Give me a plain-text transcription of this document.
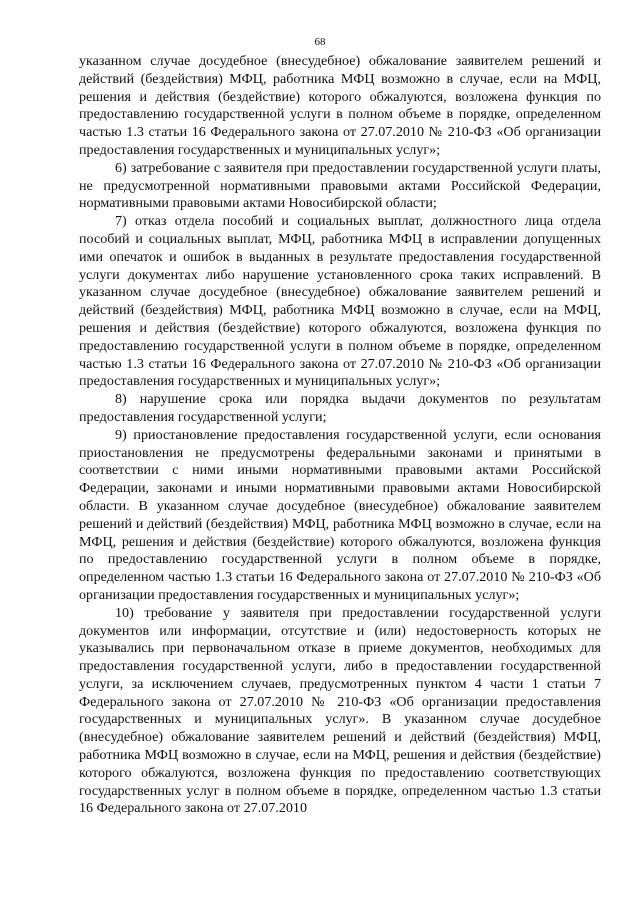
68

указанном случае досудебное (внесудебное) обжалование заявителем решений и действий (бездействия) МФЦ, работника МФЦ возможно в случае, если на МФЦ, решения и действия (бездействие) которого обжалуются, возложена функция по предоставлению государственной услуги в полном объеме в порядке, определенном частью 1.3 статьи 16 Федерального закона от 27.07.2010 № 210-ФЗ «Об организации предоставления государственных и муниципальных услуг»;

6) затребование с заявителя при предоставлении государственной услуги платы, не предусмотренной нормативными правовыми актами Российской Федерации, нормативными правовыми актами Новосибирской области;

7) отказ отдела пособий и социальных выплат, должностного лица отдела пособий и социальных выплат, МФЦ, работника МФЦ в исправлении допущенных ими опечаток и ошибок в выданных в результате предоставления государственной услуги документах либо нарушение установленного срока таких исправлений. В указанном случае досудебное (внесудебное) обжалование заявителем решений и действий (бездействия) МФЦ, работника МФЦ возможно в случае, если на МФЦ, решения и действия (бездействие) которого обжалуются, возложена функция по предоставлению государственной услуги в полном объеме в порядке, определенном частью 1.3 статьи 16 Федерального закона от 27.07.2010 № 210-ФЗ «Об организации предоставления государственных и муниципальных услуг»;

8) нарушение срока или порядка выдачи документов по результатам предоставления государственной услуги;

9) приостановление предоставления государственной услуги, если основания приостановления не предусмотрены федеральными законами и принятыми в соответствии с ними иными нормативными правовыми актами Российской Федерации, законами и иными нормативными правовыми актами Новосибирской области. В указанном случае досудебное (внесудебное) обжалование заявителем решений и действий (бездействия) МФЦ, работника МФЦ возможно в случае, если на МФЦ, решения и действия (бездействие) которого обжалуются, возложена функция по предоставлению государственной услуги в полном объеме в порядке, определенном частью 1.3 статьи 16 Федерального закона от 27.07.2010 № 210-ФЗ «Об организации предоставления государственных и муниципальных услуг»;

10) требование у заявителя при предоставлении государственной услуги документов или информации, отсутствие и (или) недостоверность которых не указывались при первоначальном отказе в приеме документов, необходимых для предоставления государственной услуги, либо в предоставлении государственной услуги, за исключением случаев, предусмотренных пунктом 4 части 1 статьи 7 Федерального закона от 27.07.2010 № 210-ФЗ «Об организации предоставления государственных и муниципальных услуг». В указанном случае досудебное (внесудебное) обжалование заявителем решений и действий (бездействия) МФЦ, работника МФЦ возможно в случае, если на МФЦ, решения и действия (бездействие) которого обжалуются, возложена функция по предоставлению соответствующих государственных услуг в полном объеме в порядке, определенном частью 1.3 статьи 16 Федерального закона от 27.07.2010
